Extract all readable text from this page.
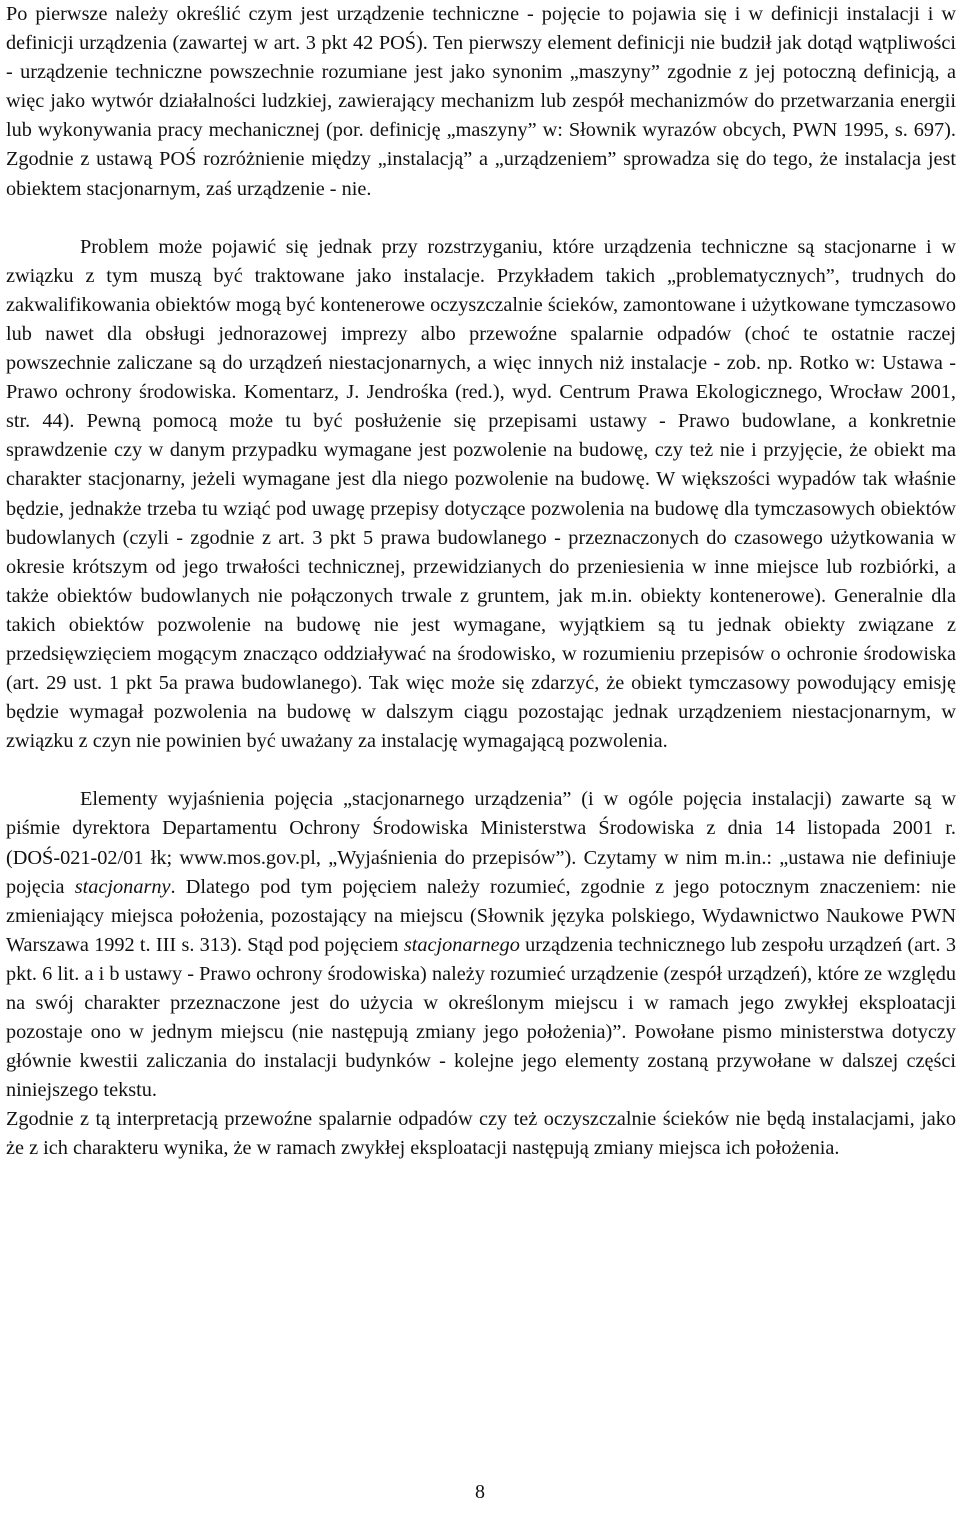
Po pierwsze należy określić czym jest urządzenie techniczne - pojęcie to pojawia się i w definicji instalacji i w definicji urządzenia (zawartej w art. 3 pkt 42 POŚ). Ten pierwszy element definicji nie budził jak dotąd wątpliwości - urządzenie techniczne powszechnie rozumiane jest jako synonim „maszyny” zgodnie z jej potoczną definicją, a więc jako wytwór działalności ludzkiej, zawierający mechanizm lub zespół mechanizmów do przetwarzania energii lub wykonywania pracy mechanicznej (por. definicję „maszyny” w: Słownik wyrazów obcych, PWN 1995, s. 697). Zgodnie z ustawą POŚ rozróżnienie między „instalacją” a „urządzeniem” sprowadza się do tego, że instalacja jest obiektem stacjonarnym, zaś urządzenie - nie.

Problem może pojawić się jednak przy rozstrzyganiu, które urządzenia techniczne są stacjonarne i w związku z tym muszą być traktowane jako instalacje. Przykładem takich „problematycznych”, trudnych do zakwalifikowania obiektów mogą być kontenerowe oczyszczalnie ścieków, zamontowane i użytkowane tymczasowo lub nawet dla obsługi jednorazowej imprezy albo przewoźne spalarnie odpadów (choć te ostatnie raczej powszechnie zaliczane są do urządzeń niestacjonarnych, a więc innych niż instalacje - zob. np. Rotko w: Ustawa - Prawo ochrony środowiska. Komentarz, J. Jendrośka (red.), wyd. Centrum Prawa Ekologicznego, Wrocław 2001, str. 44). Pewną pomocą może tu być posłużenie się przepisami ustawy - Prawo budowlane, a konkretnie sprawdzenie czy w danym przypadku wymagane jest pozwolenie na budowę, czy też nie i przyjęcie, że obiekt ma charakter stacjonarny, jeżeli wymagane jest dla niego pozwolenie na budowę. W większości wypadów tak właśnie będzie, jednakże trzeba tu wziąć pod uwagę przepisy dotyczące pozwolenia na budowę dla tymczasowych obiektów budowlanych (czyli - zgodnie z art. 3 pkt 5 prawa budowlanego - przeznaczonych do czasowego użytkowania w okresie krótszym od jego trwałości technicznej, przewidzianych do przeniesienia w inne miejsce lub rozbiórki, a także obiektów budowlanych nie połączonych trwale z gruntem, jak m.in. obiekty kontenerowe). Generalnie dla takich obiektów pozwolenie na budowę nie jest wymagane, wyjątkiem są tu jednak obiekty związane z przedsięwzięciem mogącym znacząco oddziaływać na środowisko, w rozumieniu przepisów o ochronie środowiska (art. 29 ust. 1 pkt 5a prawa budowlanego). Tak więc może się zdarzyć, że obiekt tymczasowy powodujący emisję będzie wymagał pozwolenia na budowę w dalszym ciągu pozostając jednak urządzeniem niestacjonarnym, w związku z czyn nie powinien być uważany za instalację wymagającą pozwolenia.

Elementy wyjaśnienia pojęcia „stacjonarnego urządzenia” (i w ogóle pojęcia instalacji) zawarte są w piśmie dyrektora Departamentu Ochrony Środowiska Ministerstwa Środowiska z dnia 14 listopada 2001 r. (DOŚ-021-02/01 łk; www.mos.gov.pl, „Wyjaśnienia do przepisów”). Czytamy w nim m.in.: „ustawa nie definiuje pojęcia stacjonarny. Dlatego pod tym pojęciem należy rozumieć, zgodnie z jego potocznym znaczeniem: nie zmieniający miejsca położenia, pozostający na miejscu (Słownik języka polskiego, Wydawnictwo Naukowe PWN Warszawa 1992 t. III s. 313). Stąd pod pojęciem stacjonarnego urządzenia technicznego lub zespołu urządzeń (art. 3 pkt. 6 lit. a i b ustawy - Prawo ochrony środowiska) należy rozumieć urządzenie (zespół urządzeń), które ze względu na swój charakter przeznaczone jest do użycia w określonym miejscu i w ramach jego zwykłej eksploatacji pozostaje ono w jednym miejscu (nie następują zmiany jego położenia)”. Powołane pismo ministerstwa dotyczy głównie kwestii zaliczania do instalacji budynków - kolejne jego elementy zostaną przywołane w dalszej części niniejszego tekstu.

Zgodnie z tą interpretacją przewoźne spalarnie odpadów czy też oczyszczalnie ścieków nie będą instalacjami, jako że z ich charakteru wynika, że w ramach zwykłej eksploatacji następują zmiany miejsca ich położenia.

8
